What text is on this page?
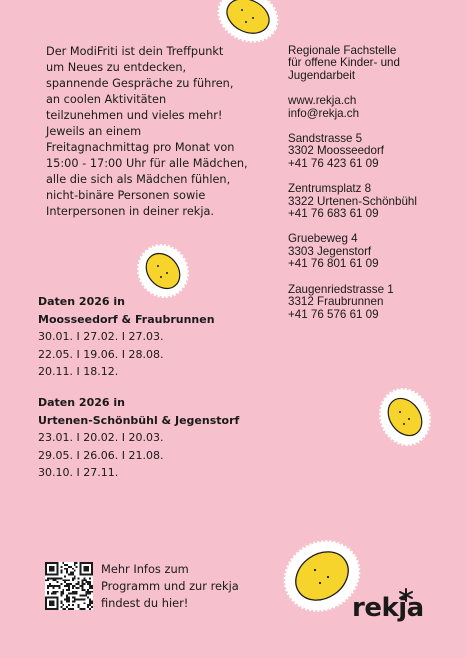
Der ModiFriti ist dein Treffpunkt
um Neues zu entdecken,
spannende Gespräche zu führen,
an coolen Aktivitäten
teilzunehmen und vieles mehr!
Jeweils an einem
Freitagnachmittag pro Monat von
15:00 - 17:00 Uhr für alle Mädchen,
alle die sich als Mädchen fühlen,
nicht-binäre Personen sowie
Interpersonen in deiner rekja.

Regionale Fachstelle
für offene Kinder- und
Jugendarbeit
www.rekja.ch
info@rekja.ch
Sandstrasse 5
3302 Moosseedorf
+41 76 423 61 09
Zentrumsplatz 8
3322 Urtenen-Schönbühl
+41 76 683 61 09
Gruebeweg 4
3303 Jegenstorf
+41 76 801 61 09
Zaugenriedstrasse 1
3312 Fraubrunnen
+41 76 576 61 09
Daten 2026 in
Moosseedorf & Fraubrunnen
30.01. I 27.02. I 27.03.
22.05. I 19.06. I 28.08.
20.11. I 18.12.
Daten 2026 in
Urtenen-Schönbühl & Jegenstorf
23.01. I 20.02. I 20.03.
29.05. I 26.06. I 21.08.
30.10. I 27.11.
Mehr Infos zum
Programm und zur rekja
findest du hier!	rekja
